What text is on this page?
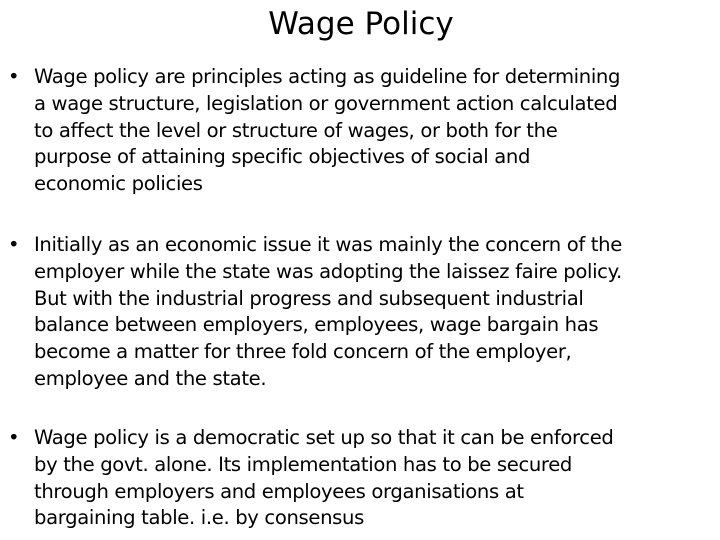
Wage Policy
• Wage policy are principles acting as guideline for determining
a wage structure, legislation or government action calculated
to affect the level or structure of wages, or both for the
purpose of attaining specific objectives of social and
economic policies
• Initially as an economic issue it was mainly the concern of the
employer while the state was adopting the laissez faire policy.
But with the industrial progress and subsequent industrial
balance between employers, employees, wage bargain has
become a matter for three fold concern of the employer,
employee and the state.
• Wage policy is a democratic set up so that it can be enforced
by the govt. alone. Its implementation has to be secured
through employers and employees organisations at
bargaining table. i.e. by consensus
